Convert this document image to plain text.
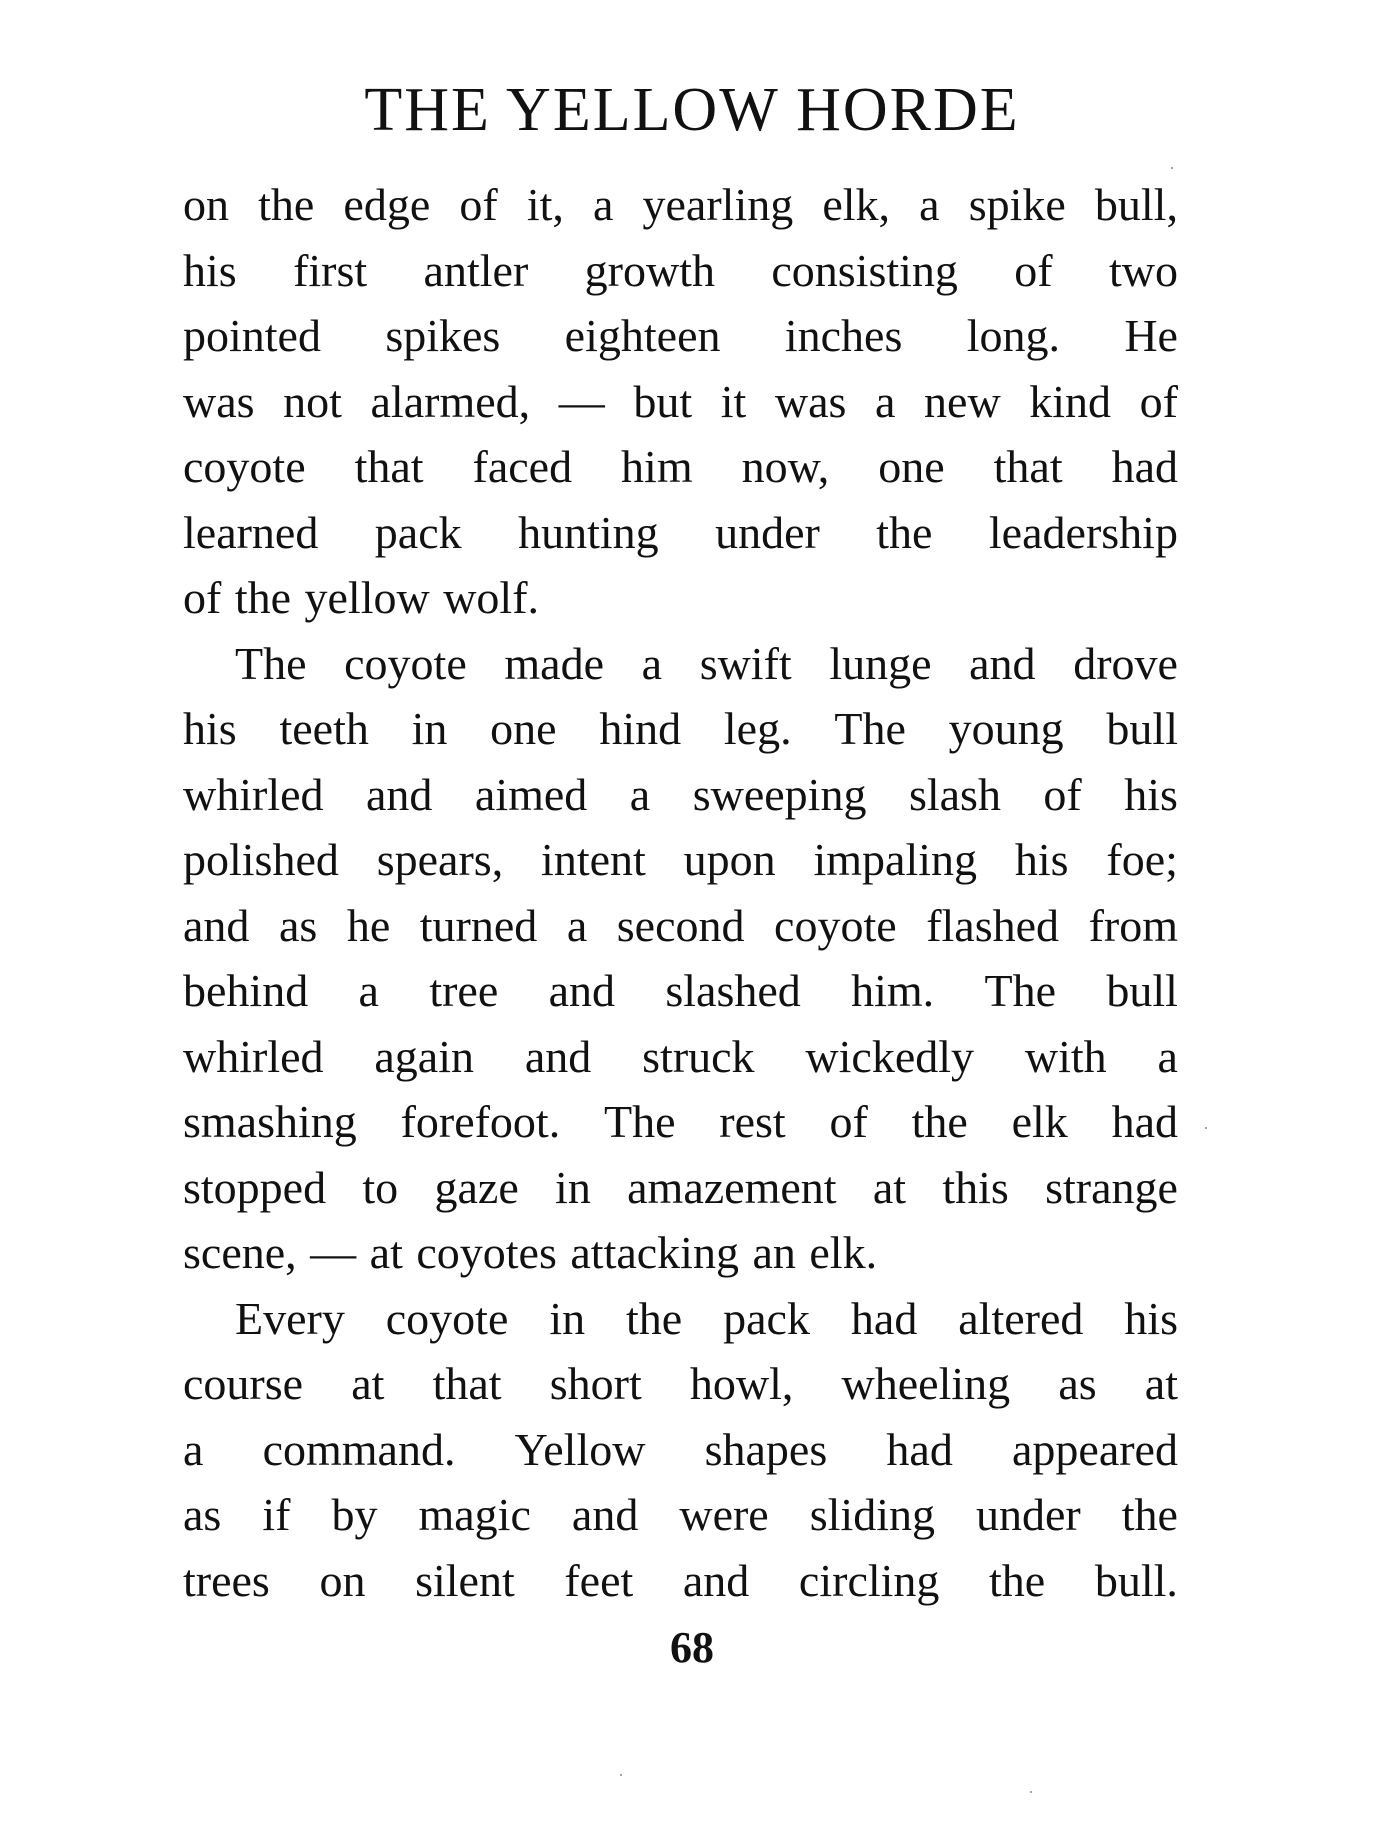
THE YELLOW HORDE
on the edge of it, a yearling elk, a spike bull,
his first antler growth consisting of two
pointed spikes eighteen inches long. He
was not alarmed, — but it was a new kind of
coyote that faced him now, one that had
learned pack hunting under the leadership
of the yellow wolf.
The coyote made a swift lunge and drove
his teeth in one hind leg. The young bull
whirled and aimed a sweeping slash of his
polished spears, intent upon impaling his foe;
and as he turned a second coyote flashed from
behind a tree and slashed him. The bull
whirled again and struck wickedly with a
smashing forefoot. The rest of the elk had
stopped to gaze in amazement at this strange
scene, — at coyotes attacking an elk.
Every coyote in the pack had altered his
course at that short howl, wheeling as at
a command. Yellow shapes had appeared
as if by magic and were sliding under the
trees on silent feet and circling the bull.
68
